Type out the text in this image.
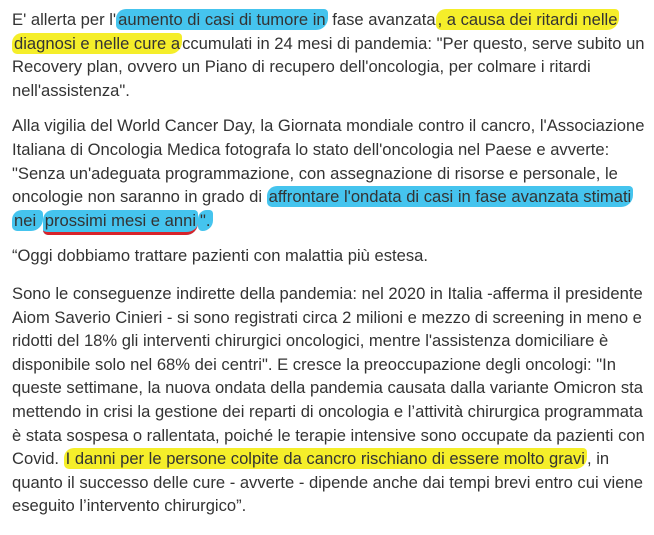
E' allerta per l' aumento di casi di tumore in fase avanzata , a causa dei ritardi nelle diagnosi e nelle cure a ccumulati in 24 mesi di pandemia: "Per questo, serve subito un Recovery plan, ovvero un Piano di recupero dell'oncologia, per colmare i ritardi nell'assistenza".

Alla vigilia del World Cancer Day, la Giornata mondiale contro il cancro, l'Associazione Italiana di Oncologia Medica fotografa lo stato dell'oncologia nel Paese e avverte: "Senza un'adeguata programmazione, con assegnazione di risorse e personale, le oncologie non saranno in grado di affrontare l'ondata di casi in fase avanzata stimati nei prossimi mesi e anni ".

“Oggi dobbiamo trattare pazienti con malattia più estesa.

Sono le conseguenze indirette della pandemia: nel 2020 in Italia -afferma il presidente Aiom Saverio Cinieri - si sono registrati circa 2 milioni e mezzo di screening in meno e ridotti del 18% gli interventi chirurgici oncologici, mentre l'assistenza domiciliare è disponibile solo nel 68% dei centri". E cresce la preoccupazione degli oncologi: "In queste settimane, la nuova ondata della pandemia causata dalla variante Omicron sta mettendo in crisi la gestione dei reparti di oncologia e l’attività chirurgica programmata è stata sospesa o rallentata, poiché le terapie intensive sono occupate da pazienti con Covid. I danni per le persone colpite da cancro rischiano di essere molto gravi , in quanto il successo delle cure - avverte - dipende anche dai tempi brevi entro cui viene eseguito l’intervento chirurgico”.
